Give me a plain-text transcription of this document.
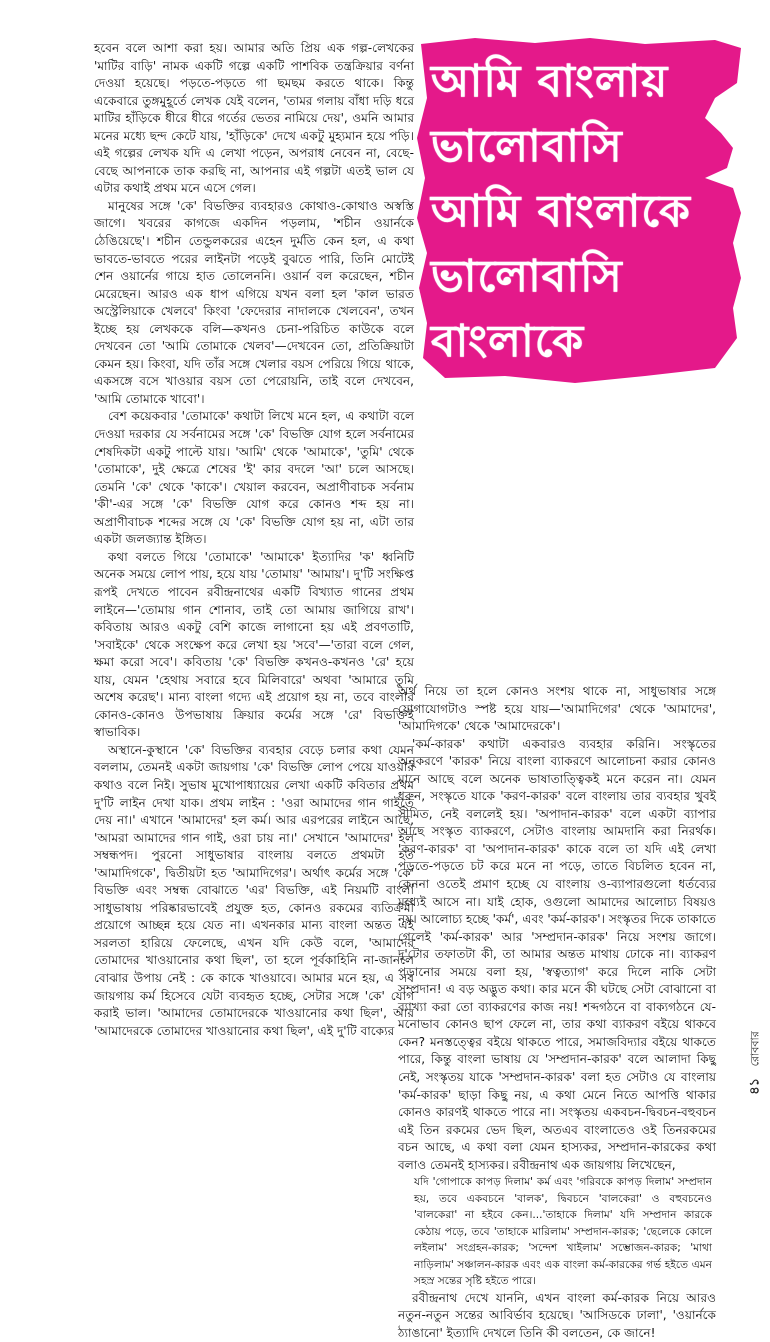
হবেন বলে আশা করা হয়। আমার অতি প্রিয় এক গল্প-লেখকের 'মাটির বাড়ি' নামক একটি গল্পে একটি পাশবিক তন্ত্রক্রিয়ার বর্ণনা দেওয়া হয়েছে। পড়তে-পড়তে গা ছমছম করতে থাকে। কিন্তু একেবারে তুঙ্গমুহূর্তে লেখক যেই বলেন, 'তামর গলায় বাঁধা দড়ি ধরে মাটির হাঁড়িকে ধীরে ধীরে গর্তের ভেতর নামিয়ে দেয়', ওমনি আমার মনের মধ্যে ছন্দ কেটে যায়, 'হাঁড়িকে' দেখে একটু মুহ্যমান হয়ে পড়ি। এই গল্পের লেখক যদি এ লেখা পড়েন, অপরাধ নেবেন না, বেছে-বেছে আপনাকে তাক করছি না, আপনার এই গল্পটা এতই ভাল যে এটার কথাই প্রথম মনে এসে গেল।

মানুষের সঙ্গে 'কে' বিভক্তির ব্যবহারও কোথাও-কোথাও অস্বস্তি জাগে। খবরের কাগজে একদিন পড়লাম, 'শচীন ওয়ার্নকে ঠেঙিয়েছে'। শচীন তেন্ডুলকরের এহেন দুর্মতি কেন হল, এ কথা ভাবতে-ভাবতে পরের লাইনটা পড়েই বুঝতে পারি, তিনি মোটেই শেন ওয়ার্নের গায়ে হাত তোলেননি। ওয়ার্ন বল করেছেন, শচীন মেরেছেন। আরও এক ধাপ এগিয়ে যখন বলা হল 'কাল ভারত অস্ট্রেলিয়াকে খেলবে' কিংবা 'ফেদেরার নাদালকে খেলবেন', তখন ইচ্ছে হয় লেখককে বলি—কখনও চেনা-পরিচিত কাউকে বলে দেখবেন তো 'আমি তোমাকে খেলব'—দেখবেন তো, প্রতিক্রিয়াটা কেমন হয়। কিংবা, যদি তাঁর সঙ্গে খেলার বয়স পেরিয়ে গিয়ে থাকে, একসঙ্গে বসে খাওয়ার বয়স তো পেরোয়নি, তাই বলে দেখবেন, 'আমি তোমাকে খাবো'।

বেশ কয়েকবার 'তোমাকে' কথাটা লিখে মনে হল, এ কথাটা বলে দেওয়া দরকার যে সর্বনামের সঙ্গে 'কে' বিভক্তি যোগ হলে সর্বনামের শেষদিকটা একটু পাল্টে যায়। 'আমি' থেকে 'আমাকে', 'তুমি' থেকে 'তোমাকে', দুই ক্ষেত্রে শেষের 'ই' কার বদলে 'আ' চলে আসছে। তেমনি 'কে' থেকে 'কাকে'। খেয়াল করবেন, অপ্রাণীবাচক সর্বনাম 'কী'-এর সঙ্গে 'কে' বিভক্তি যোগ করে কোনও শব্দ হয় না। অপ্রাণীবাচক শব্দের সঙ্গে যে 'কে' বিভক্তি যোগ হয় না, এটা তার একটা জলজ্যান্ত ইঙ্গিত।

কথা বলতে গিয়ে 'তোমাকে' 'আমাকে' ইত্যাদির 'ক' ধ্বনিটি অনেক সময়ে লোপ পায়, হয়ে যায় 'তোমায়' 'আমায়'। দু'টি সংক্ষিপ্ত রূপই দেখতে পাবেন রবীন্দ্রনাথের একটি বিখ্যাত গানের প্রথম লাইনে—'তোমায় গান শোনাব, তাই তো আমায় জাগিয়ে রাখ'। কবিতায় আরও একটু বেশি কাজে লাগানো হয় এই প্রবণতাটি, 'সবাইকে' থেকে সংক্ষেপ করে লেখা হয় 'সবে'—'তারা বলে গেল, ক্ষমা করো সবে'। কবিতায় 'কে' বিভক্তি কখনও-কখনও 'রে' হয়ে যায়, যেমন 'হেথায় সবারে হবে মিলিবারে' অথবা 'আমারে তুমি অশেষ করেছ'। মান্য বাংলা গদ্যে এই প্রয়োগ হয় না, তবে বাংলার কোনও-কোনও উপভাষায় ক্রিয়ার কর্মের সঙ্গে 'রে' বিভক্তিই স্বাভাবিক।

অস্থানে-কুস্থানে 'কে' বিভক্তির ব্যবহার বেড়ে চলার কথা যেমন বললাম, তেমনই একটা জায়গায় 'কে' বিভক্তি লোপ পেয়ে যাওয়ার কথাও বলে নিই। সুভাষ মুখোপাধ্যায়ের লেখা একটি কবিতার প্রথম দু'টি লাইন দেখা যাক। প্রথম লাইন : 'ওরা আমাদের গান গাইতে দেয় না।' এখানে 'আমাদের' হল কর্ম। আর এরপরের লাইনে আছে, 'আমরা আমাদের গান গাই, ওরা চায় না।' সেখানে 'আমাদের' হল সম্বন্ধপদ। পুরনো সাধুভাষার বাংলায় বলতে প্রথমটা হত 'আমাদিগকে', দ্বিতীয়টা হত 'আমাদিগের'। অর্থাৎ কর্মের সঙ্গে 'কে' বিভক্তি এবং সম্বন্ধ বোঝাতে 'এর' বিভক্তি, এই নিয়মটি বাংলা সাধুভাষায় পরিষ্কারভাবেই প্রযুক্ত হত, কোনও রকমের ব্যতিক্রমী প্রয়োগে আচ্ছন্ন হয়ে যেত না। এখনকার মান্য বাংলা অন্তত এই সরলতা হারিয়ে ফেলেছে, এখন যদি কেউ বলে, 'আমাদের তোমাদের খাওয়ানোর কথা ছিল', তা হলে পূর্বকাহিনি না-জানলে বোঝার উপায় নেই : কে কাকে খাওয়াবে। আমার মনে হয়, এ সব জায়গায় কর্ম হিসেবে যেটা ব্যবহৃত হচ্ছে, সেটার সঙ্গে 'কে' যোগ করাই ভাল। 'আমাদের তোমাদেরকে খাওয়ানোর কথা ছিল', আর 'আমাদেরকে তোমাদের খাওয়ানোর কথা ছিল', এই দু'টি বাক্যের

আমি বাংলায়
ভালোবাসি
আমি বাংলাকে
ভালোবাসি
বাংলাকে

অর্থ নিয়ে তা হলে কোনও সংশয় থাকে না, সাধুভাষার সঙ্গে যোগাযোগটাও স্পষ্ট হয়ে যায়—'আমাদিগের' থেকে 'আমাদের', 'আমাদিগকে' থেকে 'আমাদেরকে'।

'কর্ম-কারক' কথাটা একবারও ব্যবহার করিনি। সংস্কৃতের অনুকরণে 'কারক' নিয়ে বাংলা ব্যাকরণে আলোচনা করার কোনও মানে আছে বলে অনেক ভাষাতাত্ত্বিকই মনে করেন না। যেমন ধরুন, সংস্কৃতে যাকে 'করণ-কারক' বলে বাংলায় তার ব্যবহার খুবই সীমিত, নেই বললেই হয়। 'অপাদান-কারক' বলে একটা ব্যাপার আছে সংস্কৃত ব্যাকরণে, সেটাও বাংলায় আমদানি করা নিরর্থক। 'করণ-কারক' বা 'অপাদান-কারক' কাকে বলে তা যদি এই লেখা পড়তে-পড়তে চট করে মনে না পড়ে, তাতে বিচলিত হবেন না, কেননা ওতেই প্রমাণ হচ্ছে যে বাংলায় ও-ব্যাপারগুলো ধর্তব্যের মধ্যেই আসে না। যাই হোক, ওগুলো আমাদের আলোচ্য বিষয়ও নয়। আলোচ্য হচ্ছে 'কর্ম', এবং 'কর্ম-কারক'। সংস্কৃতর দিকে তাকাতে গেলেই 'কর্ম-কারক' আর 'সম্প্রদান-কারক' নিয়ে সংশয় জাগে। দু'টোর তফাতটা কী, তা আমার অন্তত মাথায় ঢোকে না। ব্যাকরণ পড়ানোর সময়ে বলা হয়, 'স্বত্বত্যাগ' করে দিলে নাকি সেটা সম্প্রদান! এ বড় অদ্ভুত কথা। কার মনে কী ঘটছে সেটা বোঝানো বা ব্যাখ্যা করা তো ব্যাকরণের কাজ নয়! শব্দগঠনে বা বাক্যগঠনে যে-মনোভাব কোনও ছাপ ফেলে না, তার কথা ব্যাকরণ বইয়ে থাকবে কেন? মনস্তত্ত্বের বইয়ে থাকতে পারে, সমাজবিদ্যার বইয়ে থাকতে পারে, কিন্তু বাংলা ভাষায় যে 'সম্প্রদান-কারক' বলে আলাদা কিছু নেই, সংস্কৃতয় যাকে 'সম্প্রদান-কারক' বলা হত সেটাও যে বাংলায় 'কর্ম-কারক' ছাড়া কিছু নয়, এ কথা মেনে নিতে আপত্তি থাকার কোনও কারণই থাকতে পারে না। সংস্কৃতয় একবচন-দ্বিবচন-বহুবচন এই তিন রকমের ভেদ ছিল, অতএব বাংলাতেও ওই তিনরকমের বচন আছে, এ কথা বলা যেমন হাস্যকর, সম্প্রদান-কারকের কথা বলাও তেমনই হাস্যকর। রবীন্দ্রনাথ এক জায়গায় লিখেছেন,

যদি 'গোপাকে কাপড় দিলাম' কর্ম এবং 'গরিবকে কাপড় দিলাম' সম্প্রদান হয়, তবে একবচনে 'বালক', দ্বিবচনে 'বালকেরা' ও বহুবচনেও 'বালকেরা' না হইবে কেন।...'তাহাকে দিলাম' যদি সম্প্রদান কারকে কেঠায় পড়ে, তবে 'তাহাকে মারিলাম' সম্প্রদান-কারক; 'ছেলেকে কোলে লইলাম' সংগ্রহন-কারক; 'সন্দেশ খাইলাম' সম্ভোজন-কারক; 'মাথা নাড়িলাম' সঞ্চালন-কারক এবং এক বাংলা কর্ম-কারকের গর্ভ হইতে এমন সহস্র সন্তের সৃষ্টি হইতে পারে।

রবীন্দ্রনাথ দেখে যাননি, এখন বাংলা কর্ম-কারক নিয়ে আরও নতুন-নতুন সন্তের আবির্ভাব হয়েছে। 'আসিডকে ঢালা', 'ওয়ার্নকে ঠ্যাঙানো' ইত্যাদি দেখলে তিনি কী বলতেন, কে জানে!

৪১ রোববার
